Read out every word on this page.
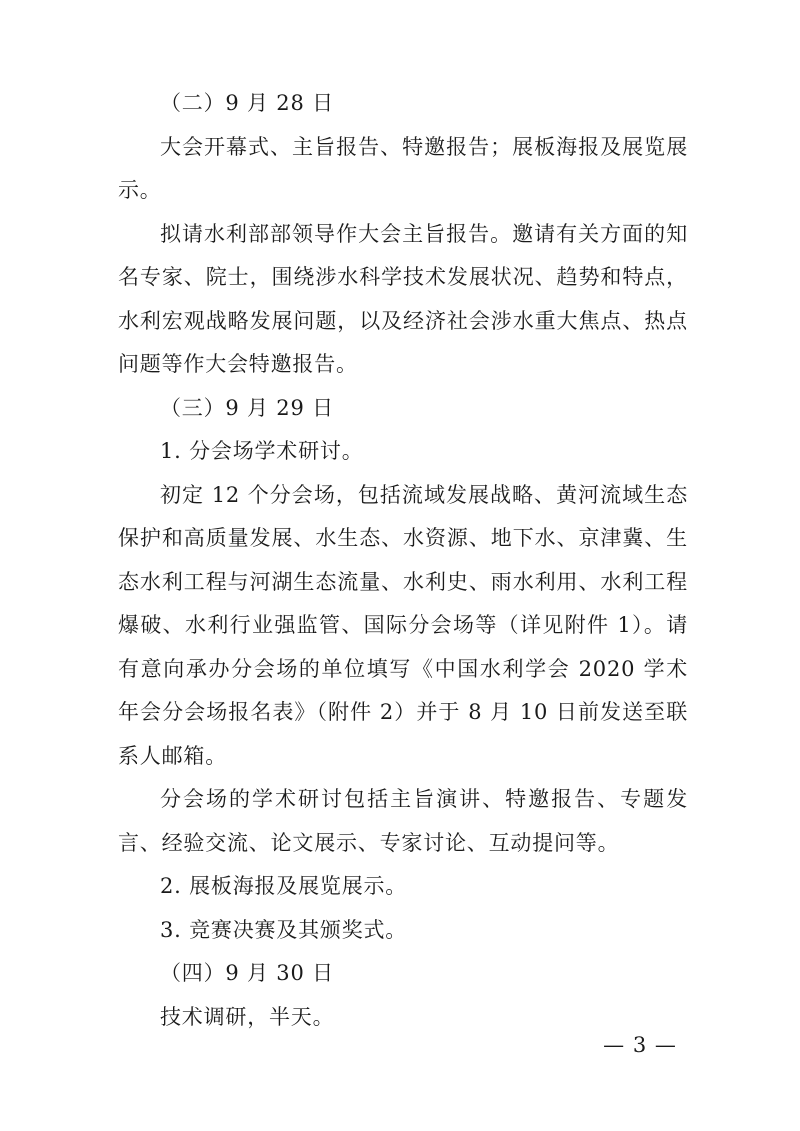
（二）9 月 28 日

大会开幕式、主旨报告、特邀报告；展板海报及展览展示。

拟请水利部部领导作大会主旨报告。邀请有关方面的知名专家、院士，围绕涉水科学技术发展状况、趋势和特点，水利宏观战略发展问题，以及经济社会涉水重大焦点、热点问题等作大会特邀报告。

（三）9 月 29 日

1. 分会场学术研讨。

初定 12 个分会场，包括流域发展战略、黄河流域生态保护和高质量发展、水生态、水资源、地下水、京津冀、生态水利工程与河湖生态流量、水利史、雨水利用、水利工程爆破、水利行业强监管、国际分会场等（详见附件 1）。请有意向承办分会场的单位填写《中国水利学会 2020 学术年会分会场报名表》（附件 2）并于 8 月 10 日前发送至联系人邮箱。

分会场的学术研讨包括主旨演讲、特邀报告、专题发言、经验交流、论文展示、专家讨论、互动提问等。

2. 展板海报及展览展示。

3. 竞赛决赛及其颁奖式。

（四）9 月 30 日

技术调研，半天。

— 3 —
